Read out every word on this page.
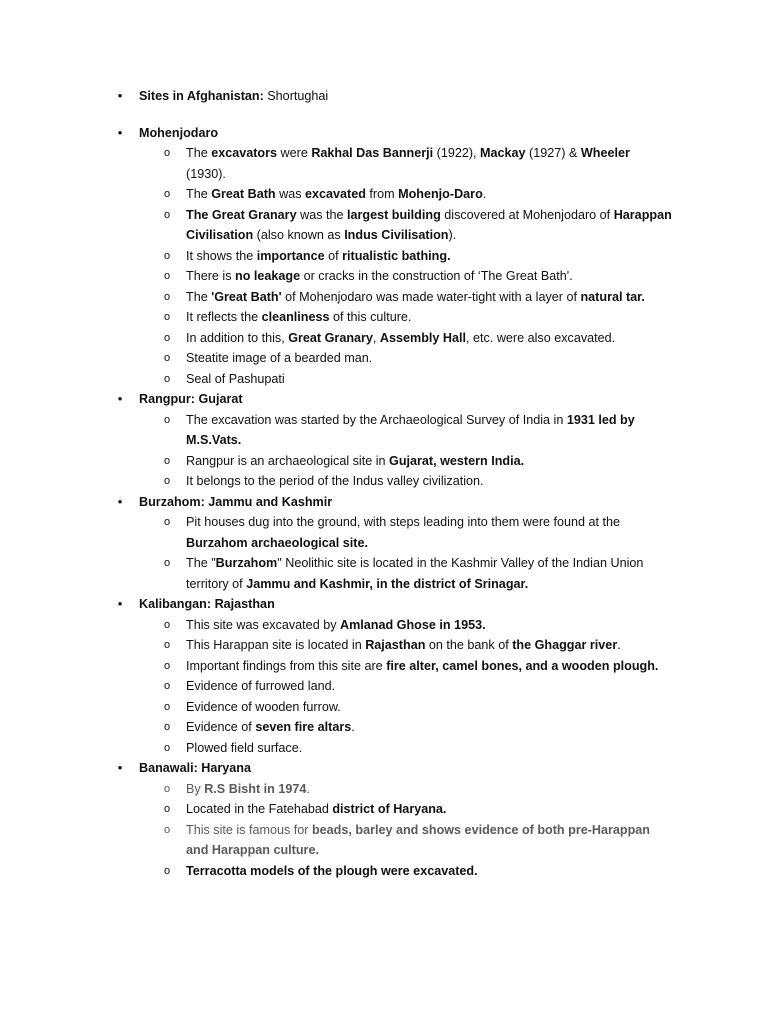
•	Sites in Afghanistan: Shortughai
•	Mohenjodaro
o	The excavators were Rakhal Das Bannerji (1922), Mackay (1927) & Wheeler (1930).
o	The Great Bath was excavated from Mohenjo-Daro.
o	The Great Granary was the largest building discovered at Mohenjodaro of Harappan Civilisation (also known as Indus Civilisation).
o	It shows the importance of ritualistic bathing.
o	There is no leakage or cracks in the construction of ‘The Great Bath'.
o	The 'Great Bath' of Mohenjodaro was made water-tight with a layer of natural tar.
o	It reflects the cleanliness of this culture.
o	In addition to this, Great Granary, Assembly Hall, etc. were also excavated.
o	Steatite image of a bearded man.
o	Seal of Pashupati
•	Rangpur: Gujarat
o	The excavation was started by the Archaeological Survey of India in 1931 led by M.S.Vats.
o	Rangpur is an archaeological site in Gujarat, western India.
o	It belongs to the period of the Indus valley civilization.
•	Burzahom: Jammu and Kashmir
o	Pit houses dug into the ground, with steps leading into them were found at the Burzahom archaeological site.
o	The "Burzahom" Neolithic site is located in the Kashmir Valley of the Indian Union territory of Jammu and Kashmir, in the district of Srinagar.
•	Kalibangan: Rajasthan
o	This site was excavated by Amlanad Ghose in 1953.
o	This Harappan site is located in Rajasthan on the bank of the Ghaggar river.
o	Important findings from this site are fire alter, camel bones, and a wooden plough.
o	Evidence of furrowed land.
o	Evidence of wooden furrow.
o	Evidence of seven fire altars.
o	Plowed field surface.
•	Banawali: Haryana
o	By R.S Bisht in 1974.
o	Located in the Fatehabad district of Haryana.
o	This site is famous for beads, barley and shows evidence of both pre-Harappan and Harappan culture.
o	Terracotta models of the plough were excavated.
